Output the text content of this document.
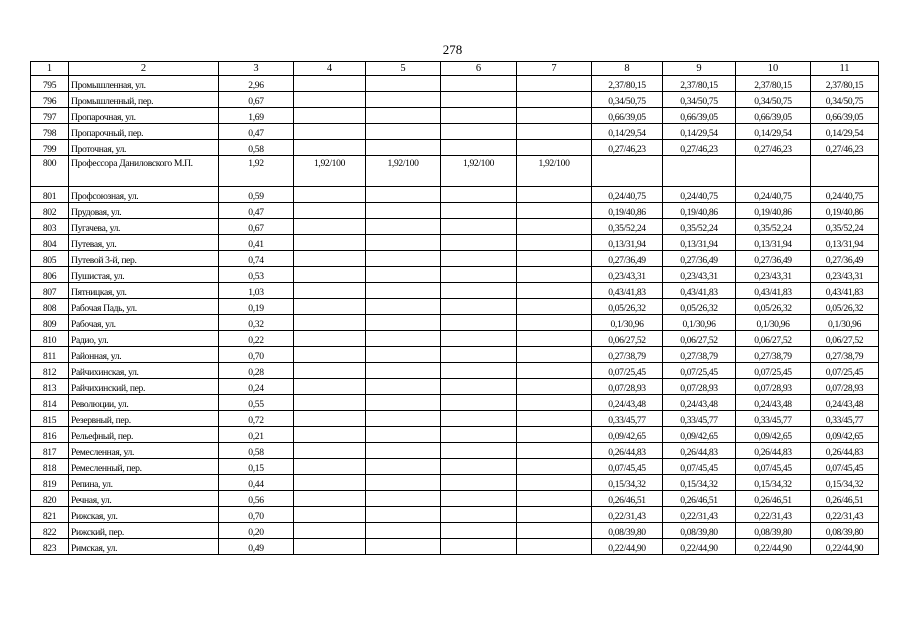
278
1	2	3	4	5	6	7	8	9	10	11
795	Промышленная, ул.	2,96					2,37/80,15	2,37/80,15	2,37/80,15	2,37/80,15
796	Промышленный, пер.	0,67					0,34/50,75	0,34/50,75	0,34/50,75	0,34/50,75
797	Пропарочная, ул.	1,69					0,66/39,05	0,66/39,05	0,66/39,05	0,66/39,05
798	Пропарочный, пер.	0,47					0,14/29,54	0,14/29,54	0,14/29,54	0,14/29,54
799	Проточная, ул.	0,58					0,27/46,23	0,27/46,23	0,27/46,23	0,27/46,23
800	Профессора Даниловского М.П.	1,92	1,92/100	1,92/100	1,92/100	1,92/100				
801	Профсоюзная, ул.	0,59					0,24/40,75	0,24/40,75	0,24/40,75	0,24/40,75
802	Прудовая, ул.	0,47					0,19/40,86	0,19/40,86	0,19/40,86	0,19/40,86
803	Пугачева, ул.	0,67					0,35/52,24	0,35/52,24	0,35/52,24	0,35/52,24
804	Путевая, ул.	0,41					0,13/31,94	0,13/31,94	0,13/31,94	0,13/31,94
805	Путевой 3-й, пер.	0,74					0,27/36,49	0,27/36,49	0,27/36,49	0,27/36,49
806	Пушистая, ул.	0,53					0,23/43,31	0,23/43,31	0,23/43,31	0,23/43,31
807	Пятницкая, ул.	1,03					0,43/41,83	0,43/41,83	0,43/41,83	0,43/41,83
808	Рабочая Падь, ул.	0,19					0,05/26,32	0,05/26,32	0,05/26,32	0,05/26,32
809	Рабочая, ул.	0,32					0,1/30,96	0,1/30,96	0,1/30,96	0,1/30,96
810	Радио, ул.	0,22					0,06/27,52	0,06/27,52	0,06/27,52	0,06/27,52
811	Районная, ул.	0,70					0,27/38,79	0,27/38,79	0,27/38,79	0,27/38,79
812	Райчихинская, ул.	0,28					0,07/25,45	0,07/25,45	0,07/25,45	0,07/25,45
813	Райчихинский, пер.	0,24					0,07/28,93	0,07/28,93	0,07/28,93	0,07/28,93
814	Революции, ул.	0,55					0,24/43,48	0,24/43,48	0,24/43,48	0,24/43,48
815	Резервный, пер.	0,72					0,33/45,77	0,33/45,77	0,33/45,77	0,33/45,77
816	Рельефный, пер.	0,21					0,09/42,65	0,09/42,65	0,09/42,65	0,09/42,65
817	Ремесленная, ул.	0,58					0,26/44,83	0,26/44,83	0,26/44,83	0,26/44,83
818	Ремесленный, пер.	0,15					0,07/45,45	0,07/45,45	0,07/45,45	0,07/45,45
819	Репина, ул.	0,44					0,15/34,32	0,15/34,32	0,15/34,32	0,15/34,32
820	Речная, ул.	0,56					0,26/46,51	0,26/46,51	0,26/46,51	0,26/46,51
821	Рижская, ул.	0,70					0,22/31,43	0,22/31,43	0,22/31,43	0,22/31,43
822	Рижский, пер.	0,20					0,08/39,80	0,08/39,80	0,08/39,80	0,08/39,80
823	Римская, ул.	0,49					0,22/44,90	0,22/44,90	0,22/44,90	0,22/44,90
